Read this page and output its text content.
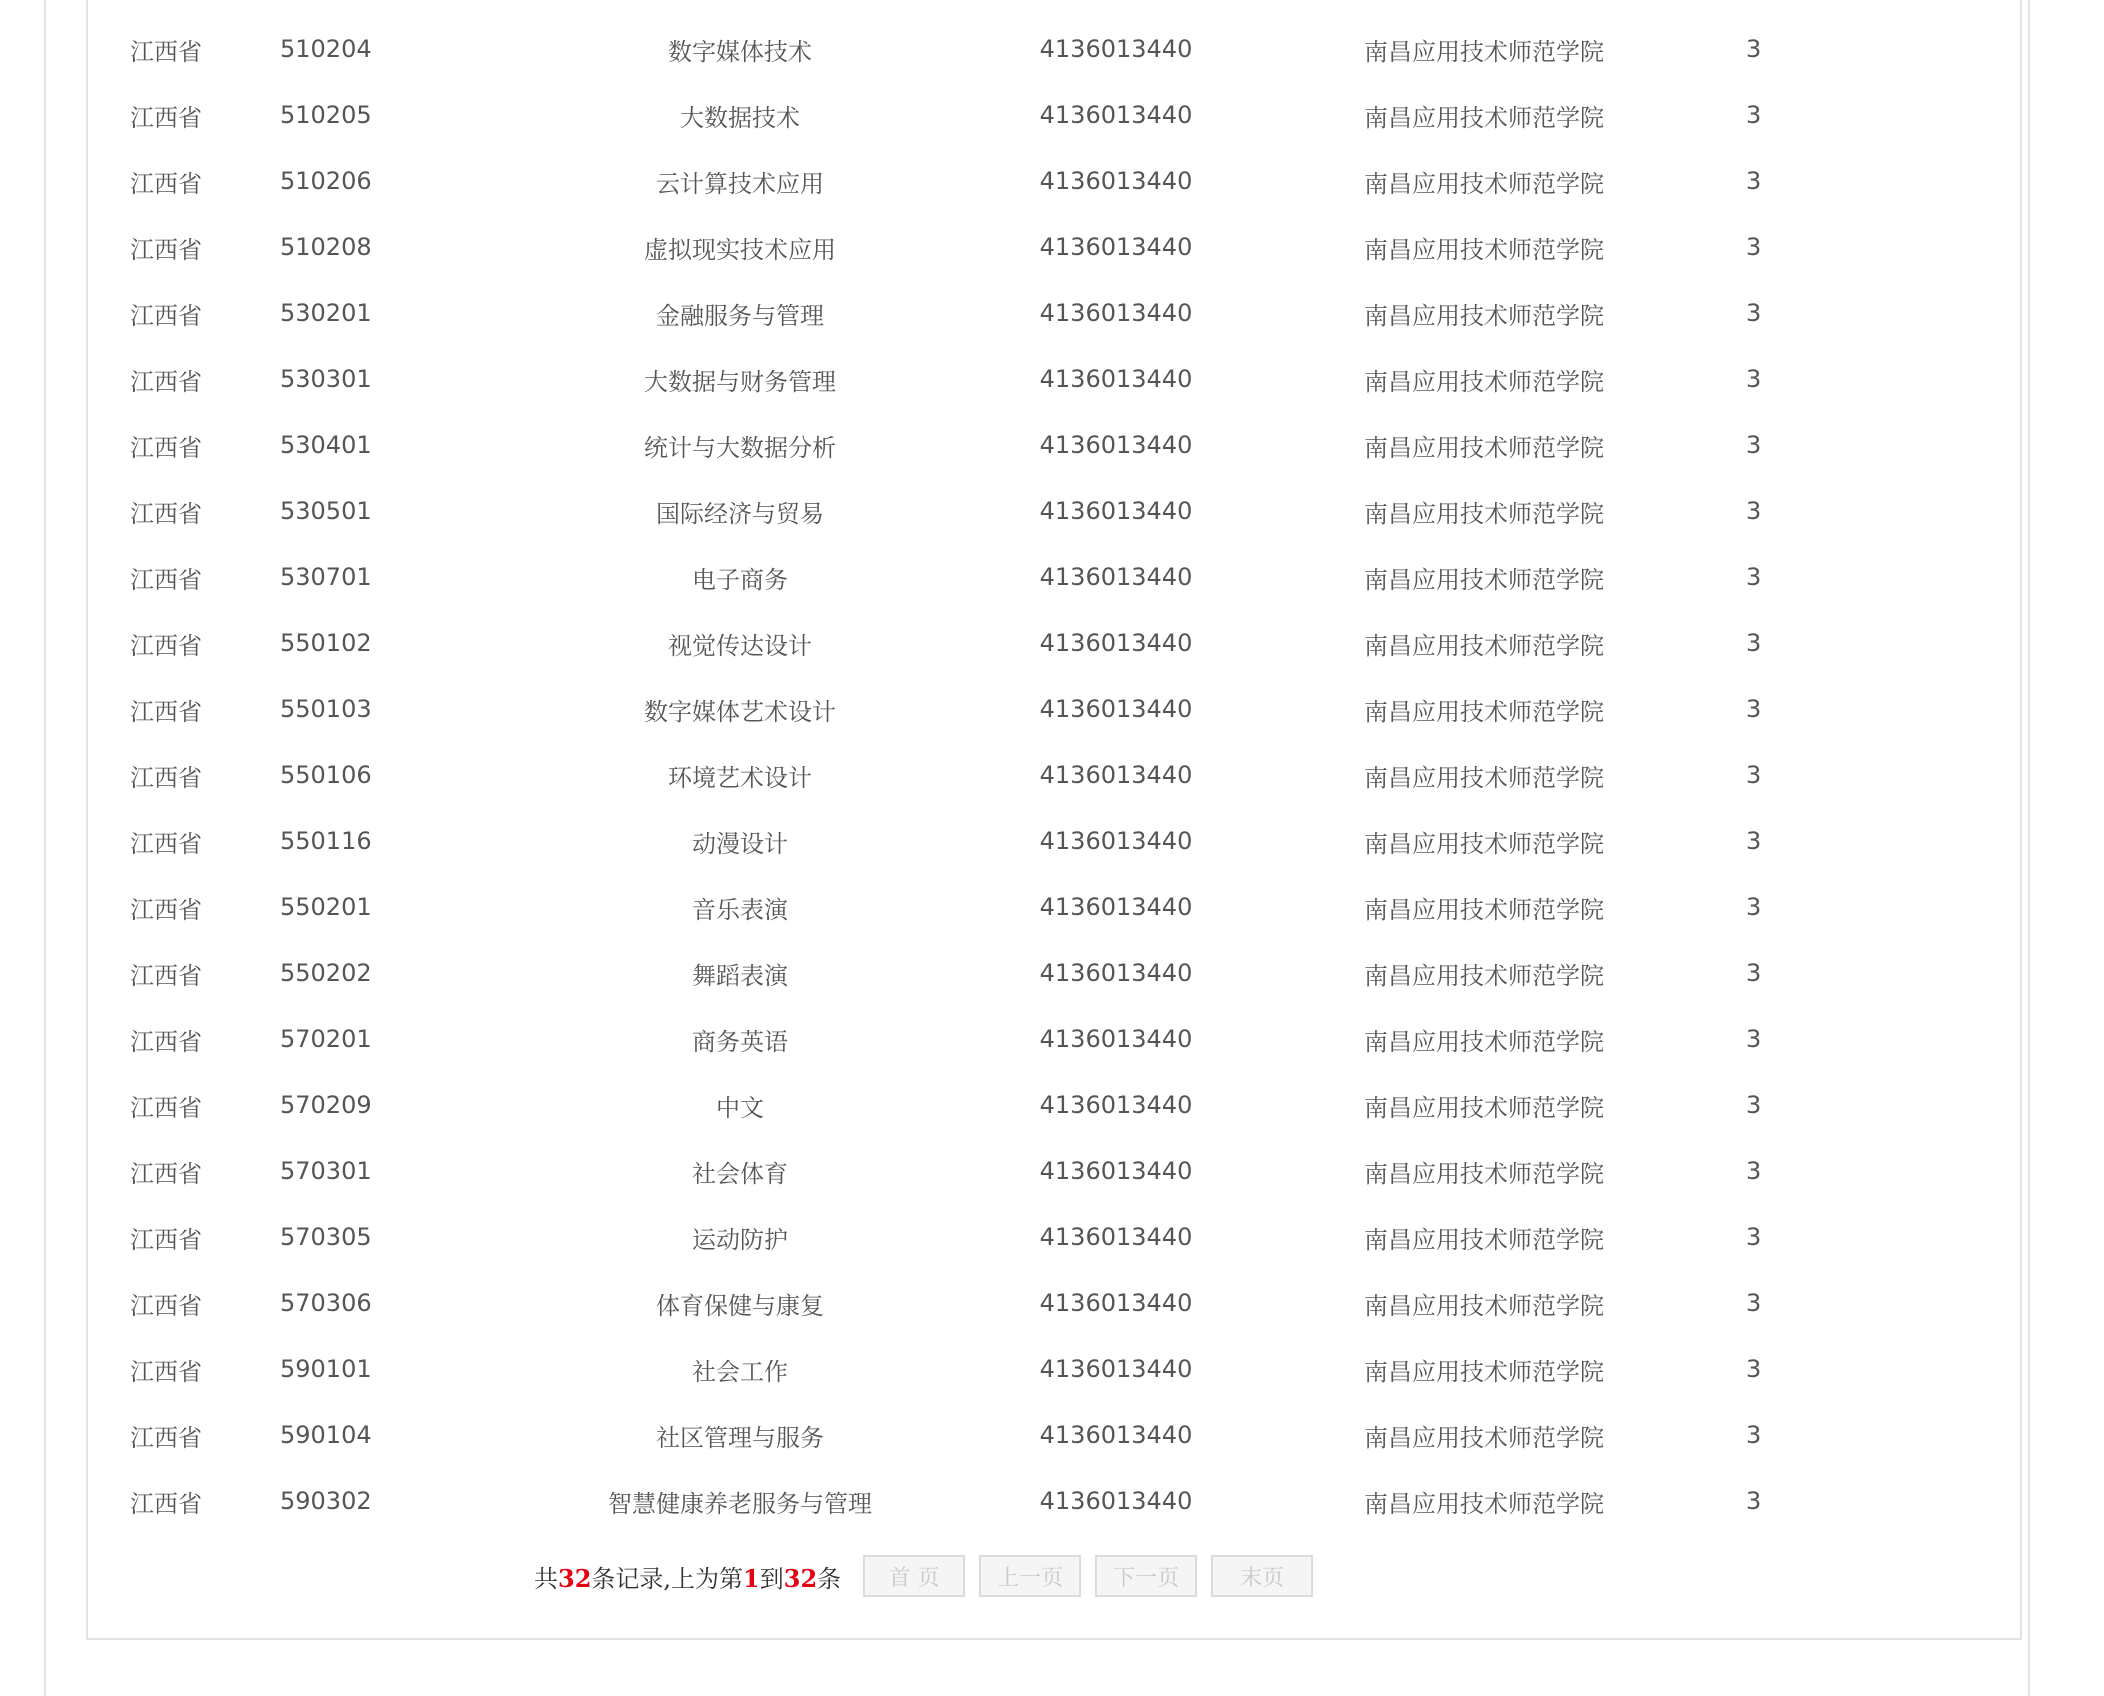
江西省	510204	数字媒体技术	4136013440	南昌应用技术师范学院	3
江西省	510205	大数据技术	4136013440	南昌应用技术师范学院	3
江西省	510206	云计算技术应用	4136013440	南昌应用技术师范学院	3
江西省	510208	虚拟现实技术应用	4136013440	南昌应用技术师范学院	3
江西省	530201	金融服务与管理	4136013440	南昌应用技术师范学院	3
江西省	530301	大数据与财务管理	4136013440	南昌应用技术师范学院	3
江西省	530401	统计与大数据分析	4136013440	南昌应用技术师范学院	3
江西省	530501	国际经济与贸易	4136013440	南昌应用技术师范学院	3
江西省	530701	电子商务	4136013440	南昌应用技术师范学院	3
江西省	550102	视觉传达设计	4136013440	南昌应用技术师范学院	3
江西省	550103	数字媒体艺术设计	4136013440	南昌应用技术师范学院	3
江西省	550106	环境艺术设计	4136013440	南昌应用技术师范学院	3
江西省	550116	动漫设计	4136013440	南昌应用技术师范学院	3
江西省	550201	音乐表演	4136013440	南昌应用技术师范学院	3
江西省	550202	舞蹈表演	4136013440	南昌应用技术师范学院	3
江西省	570201	商务英语	4136013440	南昌应用技术师范学院	3
江西省	570209	中文	4136013440	南昌应用技术师范学院	3
江西省	570301	社会体育	4136013440	南昌应用技术师范学院	3
江西省	570305	运动防护	4136013440	南昌应用技术师范学院	3
江西省	570306	体育保健与康复	4136013440	南昌应用技术师范学院	3
江西省	590101	社会工作	4136013440	南昌应用技术师范学院	3
江西省	590104	社区管理与服务	4136013440	南昌应用技术师范学院	3
江西省	590302	智慧健康养老服务与管理	4136013440	南昌应用技术师范学院	3
共32条记录,上为第1到32条	首 页	上一页	下一页	末页
